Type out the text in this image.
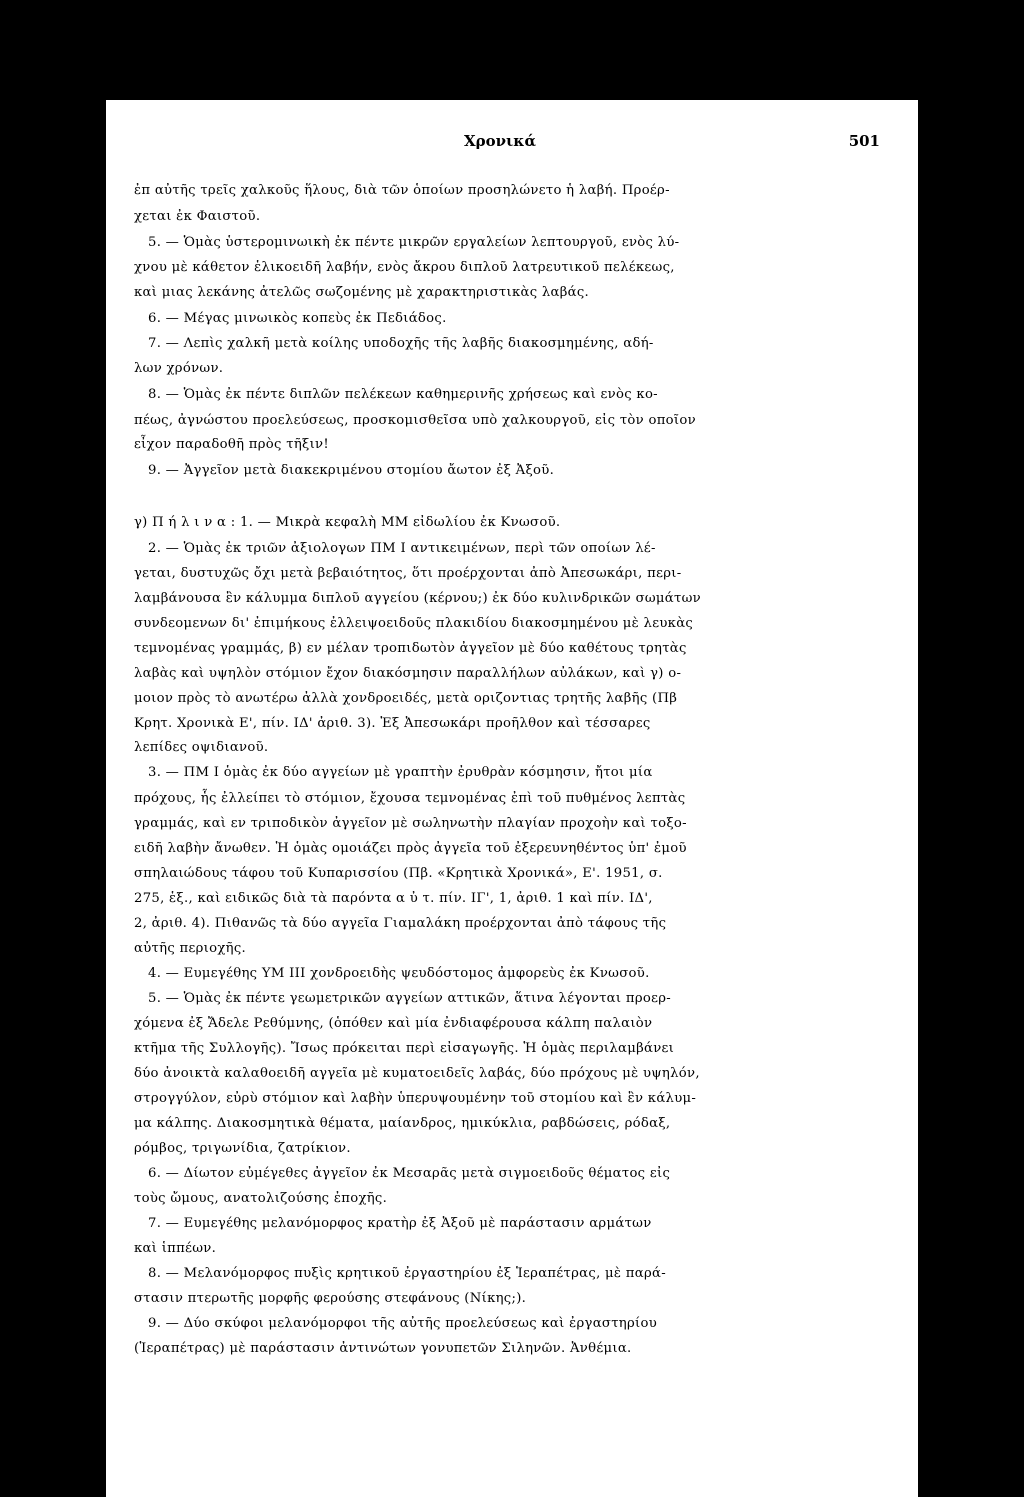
Χρονικά	501
ἐπ αὐτῆς τρεῖς χαλκοῦς ἥλους, διὰ τῶν ὁποίων προσηλώνετο ἡ λαβή. Προέρ-
χεται ἐκ Φαιστοῦ.
5. — Ὁμὰς ὑστερομινωικὴ ἐκ πέντε μικρῶν εργαλείων λεπτουργοῦ, ενὸς λύ-
χνου μὲ κάθετον ἑλικοειδῆ λαβήν, ενὸς ἄκρου διπλοῦ λατρευτικοῦ πελέκεως,
καὶ μιας λεκάνης ἀτελῶς σωζομένης μὲ χαρακτηριστικὰς λαβάς.
6. — Μέγας μινωικὸς κοπεὺς ἐκ Πεδιάδος.
7. — Λεπὶς χαλκῆ μετὰ κοίλης υποδοχῆς τῆς λαβῆς διακοσμημένης, αδή-
λων χρόνων.
8. — Ὁμὰς ἐκ πέντε διπλῶν πελέκεων καθημερινῆς χρήσεως καὶ ενὸς κο-
πέως, ἀγνώστου προελεύσεως, προσκομισθεῖσα υπὸ χαλκουργοῦ, εἰς τὸν οποῖον
εἶχον παραδοθῆ πρὸς τῆξιν!
9. — Ἀγγεῖον μετὰ διακεκριμένου στομίου ἄωτον ἐξ Ἀξοῦ.
γ) Π ή λ ι ν α : 1. — Μικρὰ κεφαλὴ ΜΜ εἰδωλίου ἐκ Κνωσοῦ.
2. — Ὁμὰς ἐκ τριῶν ἀξιολογων ΠΜ Ι αντικειμένων, περὶ τῶν οποίων λέ-
γεται, δυστυχῶς ὄχι μετὰ βεβαιότητος, ὅτι προέρχονται ἀπὸ Ἀπεσωκάρι, περι-
λαμβάνουσα ἓν κάλυμμα διπλοῦ αγγείου (κέρνου;) ἐκ δύο κυλινδρικῶν σωμάτων
συνδεομενων δι' ἐπιμήκους ἐλλειψοειδοῦς πλακιδίου διακοσμημένου μὲ λευκὰς
τεμνομένας γραμμάς, β) εν μέλαν τροπιδωτὸν ἀγγεῖον μὲ δύο καθέτους τρητὰς
λαβὰς καὶ υψηλὸν στόμιον ἔχον διακόσμησιν παραλλήλων αὐλάκων, καὶ γ) ο-
μοιον πρὸς τὸ ανωτέρω ἀλλὰ χονδροειδές, μετὰ οριζοντιας τρητῆς λαβῆς (Πβ
Κρητ. Χρονικὰ Ε', πίν. ΙΔ' ἀριθ. 3). Ἐξ Ἀπεσωκάρι προῆλθον καὶ τέσσαρες
λεπίδες οψιδιανοῦ.
3. — ΠΜ Ι ὁμὰς ἐκ δύο αγγείων μὲ γραπτὴν ἐρυθρὰν κόσμησιν, ἤτοι μία
πρόχους, ἧς ἐλλείπει τὸ στόμιον, ἔχουσα τεμνομένας ἐπὶ τοῦ πυθμένος λεπτὰς
γραμμάς, καὶ εν τριποδικὸν ἀγγεῖον μὲ σωληνωτὴν πλαγίαν προχοὴν καὶ τοξο-
ειδῆ λαβὴν ἄνωθεν. Ἡ ὁμὰς ομοιάζει πρὸς ἀγγεῖα τοῦ ἐξερευνηθέντος ὑπ' ἐμοῦ
σπηλαιώδους τάφου τοῦ Κυπαρισσίου (Πβ. «Κρητικὰ Χρονικά», Ε'. 1951, σ.
275, ἑξ., καὶ ειδικῶς διὰ τὰ παρόντα α ὐ τ. πίν. ΙΓ', 1, ἀριθ. 1 καὶ πίν. ΙΔ',
2, ἀριθ. 4). Πιθανῶς τὰ δύο αγγεῖα Γιαμαλάκη προέρχονται ἀπὸ τάφους τῆς
αὐτῆς περιοχῆς.
4. — Ευμεγέθης ΥΜ ΙΙΙ χονδροειδὴς ψευδόστομος ἀμφορεὺς ἐκ Κνωσοῦ.
5. — Ὁμὰς ἐκ πέντε γεωμετρικῶν αγγείων αττικῶν, ἅτινα λέγονται προερ-
χόμενα ἐξ Ἄδελε Ρεθύμνης, (ὁπόθεν καὶ μία ἐνδιαφέρουσα κάλπη παλαιὸν
κτῆμα τῆς Συλλογῆς). Ἴσως πρόκειται περὶ εἰσαγωγῆς. Ἡ ὁμὰς περιλαμβάνει
δύο ἀνοικτὰ καλαθοειδῆ αγγεῖα μὲ κυματοειδεῖς λαβάς, δύο πρόχους μὲ υψηλόν,
στρογγύλον, εὐρὺ στόμιον καὶ λαβὴν ὑπερυψουμένην τοῦ στομίου καὶ ἓν κάλυμ-
μα κάλπης. Διακοσμητικὰ θέματα, μαίανδρος, ημικύκλια, ραβδώσεις, ρόδαξ,
ρόμβος, τριγωνίδια, ζατρίκιον.
6. — Δίωτον εὐμέγεθες ἀγγεῖον ἐκ Μεσαρᾶς μετὰ σιγμοειδοῦς θέματος εἰς
τοὺς ὤμους, ανατολιζούσης ἐποχῆς.
7. — Ευμεγέθης μελανόμορφος κρατὴρ ἐξ Ἀξοῦ μὲ παράστασιν αρμάτων
καὶ ἱππέων.
8. — Μελανόμορφος πυξὶς κρητικοῦ ἐργαστηρίου ἐξ Ἱεραπέτρας, μὲ παρά-
στασιν πτερωτῆς μορφῆς φερούσης στεφάνους (Νίκης;).
9. — Δύο σκύφοι μελανόμορφοι τῆς αὐτῆς προελεύσεως καὶ ἐργαστηρίου
(Ἱεραπέτρας) μὲ παράστασιν ἀντινώτων γονυπετῶν Σιληνῶν. Ἀνθέμια.
